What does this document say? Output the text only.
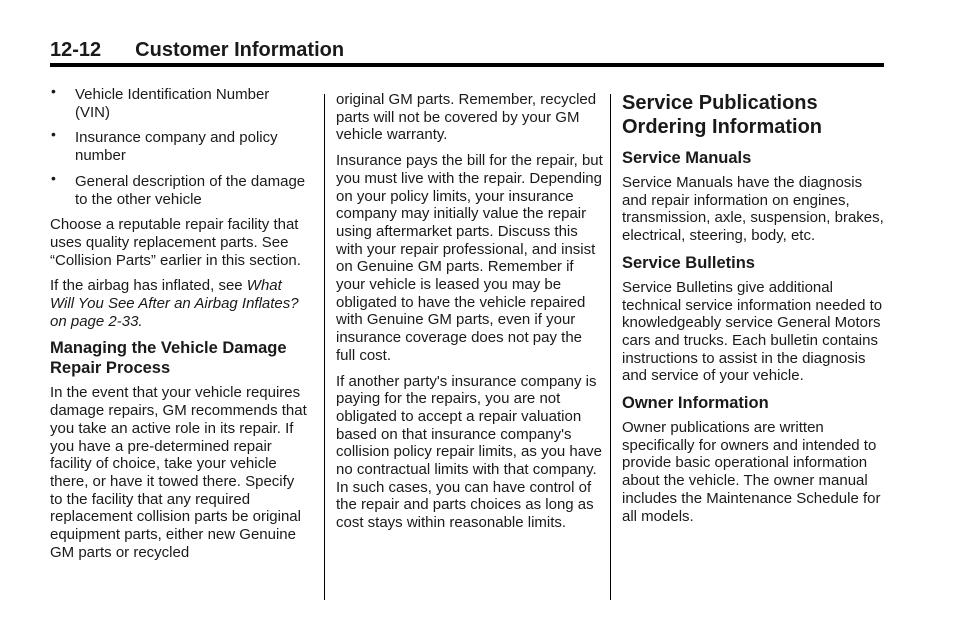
12-12 Customer Information
• Vehicle Identification Number (VIN)
• Insurance company and policy number
• General description of the damage to the other vehicle

Choose a reputable repair facility that uses quality replacement parts. See “Collision Parts” earlier in this section.

If the airbag has inflated, see What Will You See After an Airbag Inflates? on page 2-33.

Managing the Vehicle Damage Repair Process

In the event that your vehicle requires damage repairs, GM recommends that you take an active role in its repair. If you have a pre-determined repair facility of choice, take your vehicle there, or have it towed there. Specify to the facility that any required replacement collision parts be original equipment parts, either new Genuine GM parts or recycled

original GM parts. Remember, recycled parts will not be covered by your GM vehicle warranty.

Insurance pays the bill for the repair, but you must live with the repair. Depending on your policy limits, your insurance company may initially value the repair using aftermarket parts. Discuss this with your repair professional, and insist on Genuine GM parts. Remember if your vehicle is leased you may be obligated to have the vehicle repaired with Genuine GM parts, even if your insurance coverage does not pay the full cost.

If another party's insurance company is paying for the repairs, you are not obligated to accept a repair valuation based on that insurance company's collision policy repair limits, as you have no contractual limits with that company. In such cases, you can have control of the repair and parts choices as long as cost stays within reasonable limits.

Service Publications Ordering Information
Service Manuals

Service Manuals have the diagnosis and repair information on engines, transmission, axle, suspension, brakes, electrical, steering, body, etc.

Service Bulletins

Service Bulletins give additional technical service information needed to knowledgeably service General Motors cars and trucks. Each bulletin contains instructions to assist in the diagnosis and service of your vehicle.

Owner Information

Owner publications are written specifically for owners and intended to provide basic operational information about the vehicle. The owner manual includes the Maintenance Schedule for all models.
